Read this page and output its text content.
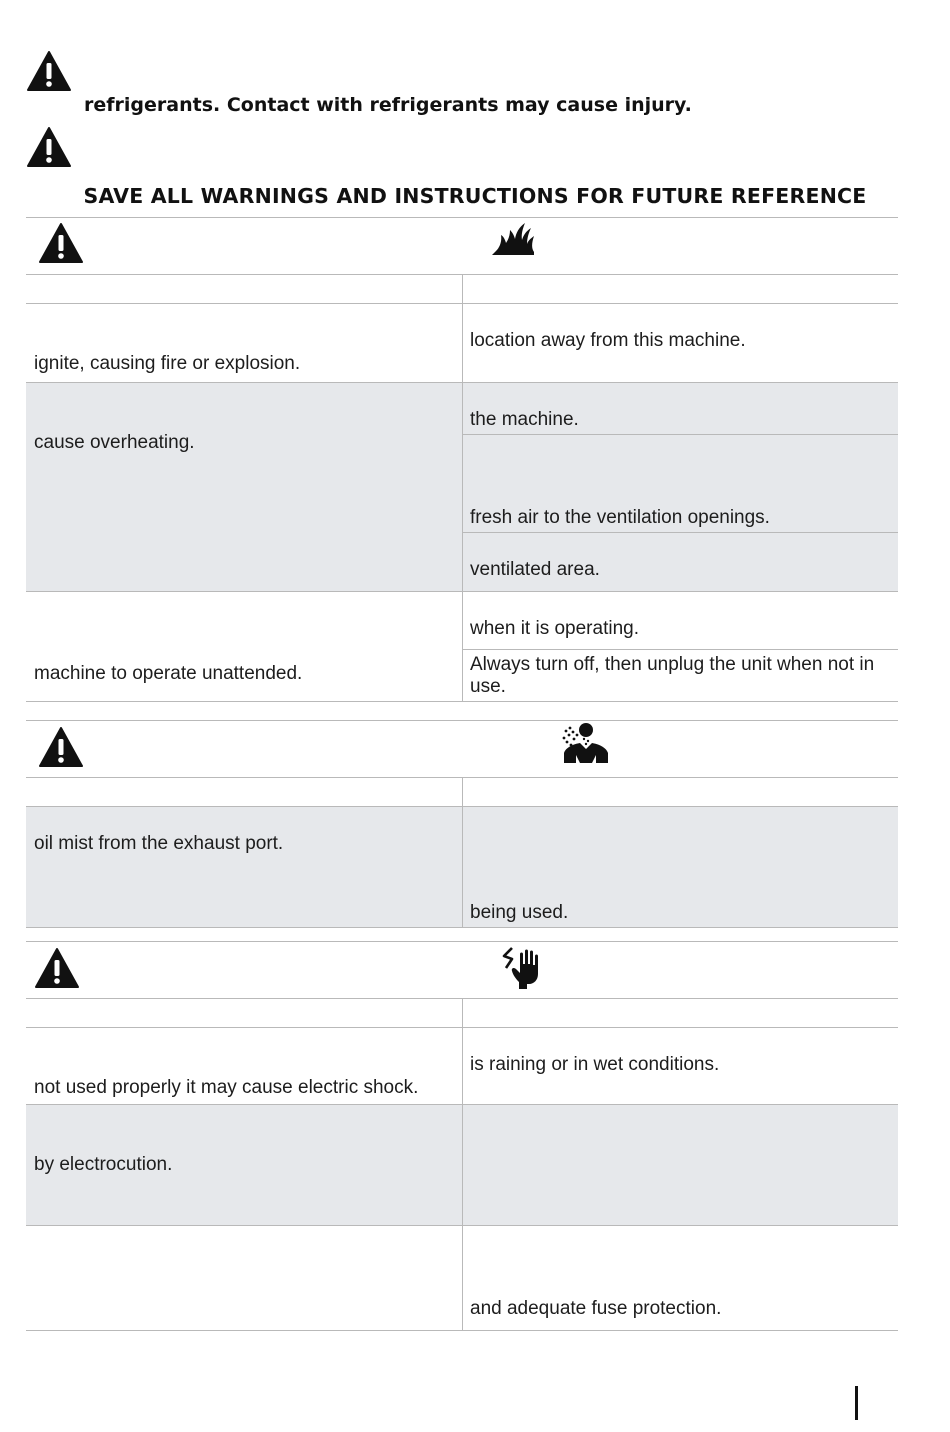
refrigerants. Contact with refrigerants may cause injury.
SAVE ALL WARNINGS AND INSTRUCTIONS FOR FUTURE REFERENCE
ignite, causing fire or explosion.
location away from this machine.
cause overheating.
the machine.
fresh air to the ventilation openings.
ventilated area.
machine to operate unattended.
when it is operating.
Always turn off, then unplug the unit when not in use.
oil mist from the exhaust port.
being used.
not used properly it may cause electric shock.
is raining or in wet conditions.
by electrocution.
and adequate fuse protection.
